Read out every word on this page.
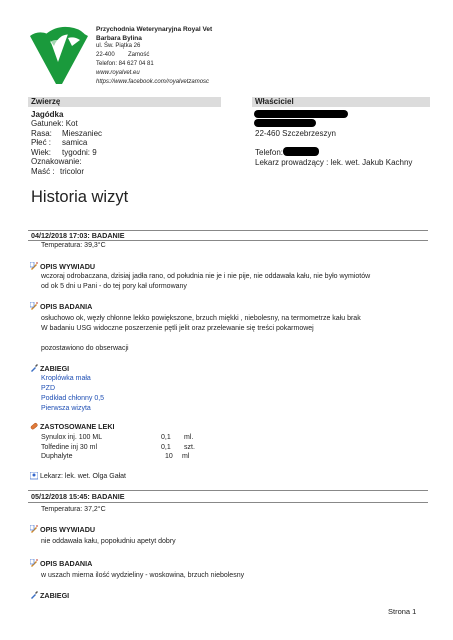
Przychodnia Weterynaryjna Royal Vet
Barbara Bylina
ul. Św. Piątka 26
22-400 Zamość
Telefon: 84 627 04 81
www.royalvet.eu
https://www.facebook.com/royalvetzamosc
Zwierzę
Jagódka
Gatunek: Kot
Rasa: Mieszaniec
Płeć : samica
Wiek: tygodni: 9
Oznakowanie:
Maść : tricolor
Właściciel
22-460 Szczebrzeszyn
Telefon:
Lekarz prowadzący : lek. wet. Jakub Kachny
Historia wizyt
04/12/2018 17:03: BADANIE
Temperatura: 39,3°C
OPIS WYWIADU
wczoraj odrobaczana, dzisiaj jadła rano, od południa nie je i nie pije, nie oddawała kału, nie było wymiotów
od ok 5 dni u Pani - do tej pory kał uformowany
OPIS BADANIA
osłuchowo ok, węzły chłonne lekko powiększone, brzuch miękki , niebolesny, na termometrze kału brak
W badaniu USG widoczne poszerzenie pętli jelit oraz przelewanie się treści pokarmowej
pozostawiono do obserwacji
ZABIEGI
Kroplówka mała
PZD
Podkład chłonny 0,5
Pierwsza wizyta
ZASTOSOWANE LEKI
Synulox inj. 100 ML	0,1 ml.
Tolfedine inj 30 ml	0,1 szt.
Duphalyte	10 ml
Lekarz: lek. wet. Olga Gałat
05/12/2018 15:45: BADANIE
Temperatura: 37,2°C
OPIS WYWIADU
nie oddawała kału, popołudniu apetyt dobry
OPIS BADANIA
w uszach mierna ilość wydzieliny - woskowina, brzuch niebolesny
ZABIEGI
Strona 1
